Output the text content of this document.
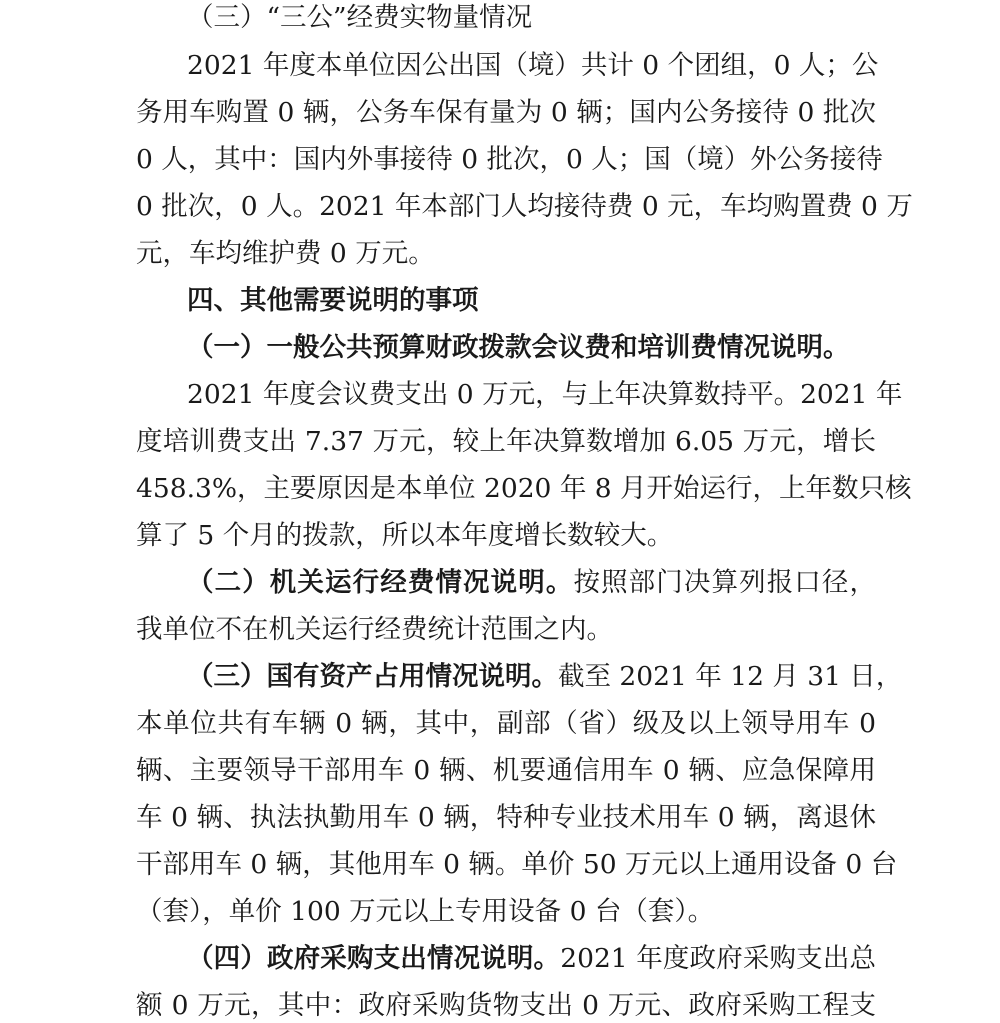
（三）“三公”经费实物量情况
2021 年度本单位因公出国（境）共计 0 个团组，0 人；公
务用车购置 0 辆，公务车保有量为 0 辆；国内公务接待 0 批次
0 人，其中：国内外事接待 0 批次，0 人；国（境）外公务接待
0 批次，0 人。2021 年本部门人均接待费 0 元，车均购置费 0 万
元，车均维护费 0 万元。
四、其他需要说明的事项
（一）一般公共预算财政拨款会议费和培训费情况说明。
2021 年度会议费支出 0 万元，与上年决算数持平。2021 年
度培训费支出 7.37 万元，较上年决算数增加 6.05 万元，增长
458.3%，主要原因是本单位 2020 年 8 月开始运行，上年数只核
算了 5 个月的拨款，所以本年度增长数较大。
（二）机关运行经费情况说明。按照部门决算列报口径，
我单位不在机关运行经费统计范围之内。
（三）国有资产占用情况说明。截至 2021 年 12 月 31 日，
本单位共有车辆 0 辆，其中，副部（省）级及以上领导用车 0
辆、主要领导干部用车 0 辆、机要通信用车 0 辆、应急保障用
车 0 辆、执法执勤用车 0 辆，特种专业技术用车 0 辆，离退休
干部用车 0 辆，其他用车 0 辆。单价 50 万元以上通用设备 0 台
（套），单价 100 万元以上专用设备 0 台（套）。
（四）政府采购支出情况说明。2021 年度政府采购支出总
额 0 万元，其中：政府采购货物支出 0 万元、政府采购工程支
